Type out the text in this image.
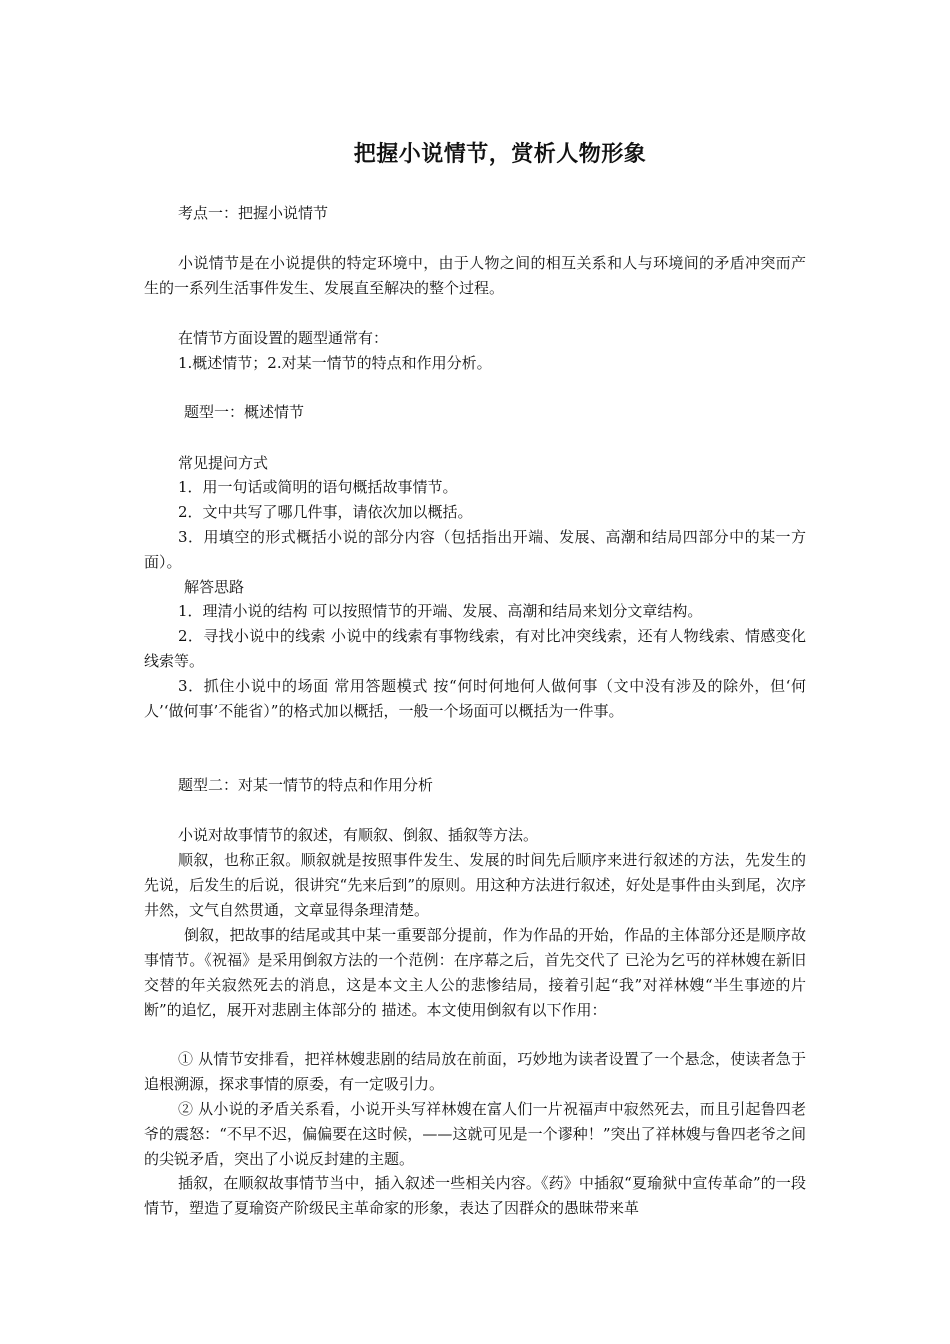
把握小说情节，赏析人物形象

考点一：把握小说情节

小说情节是在小说提供的特定环境中，由于人物之间的相互关系和人与环境间的矛盾冲突而产生的一系列生活事件发生、发展直至解决的整个过程。

在情节方面设置的题型通常有：

1.概述情节；2.对某一情节的特点和作用分析。

题型一：概述情节

常见提问方式

1．用一句话或简明的语句概括故事情节。

2．文中共写了哪几件事，请依次加以概括。

3．用填空的形式概括小说的部分内容（包括指出开端、发展、高潮和结局四部分中的某一方面）。

解答思路

1．理清小说的结构 可以按照情节的开端、发展、高潮和结局来划分文章结构。

2．寻找小说中的线索 小说中的线索有事物线索，有对比冲突线索，还有人物线索、情感变化线索等。

3．抓住小说中的场面 常用答题模式 按“何时何地何人做何事（文中没有涉及的除外，但‘何人’‘做何事’不能省）”的格式加以概括，一般一个场面可以概括为一件事。

题型二：对某一情节的特点和作用分析

小说对故事情节的叙述，有顺叙、倒叙、插叙等方法。

顺叙，也称正叙。顺叙就是按照事件发生、发展的时间先后顺序来进行叙述的方法，先发生的先说，后发生的后说，很讲究“先来后到”的原则。用这种方法进行叙述，好处是事件由头到尾，次序井然，文气自然贯通，文章显得条理清楚。

倒叙，把故事的结尾或其中某一重要部分提前，作为作品的开始，作品的主体部分还是顺序故事情节。《祝福》是采用倒叙方法的一个范例：在序幕之后，首先交代了 已沦为乞丐的祥林嫂在新旧交替的年关寂然死去的消息，这是本文主人公的悲惨结局，接着引起“我”对祥林嫂“半生事迹的片断”的追忆，展开对悲剧主体部分的 描述。本文使用倒叙有以下作用：

① 从情节安排看，把祥林嫂悲剧的结局放在前面，巧妙地为读者设置了一个悬念，使读者急于追根溯源，探求事情的原委，有一定吸引力。

② 从小说的矛盾关系看，小说开头写祥林嫂在富人们一片祝福声中寂然死去，而且引起鲁四老爷的震怒：“不早不迟，偏偏要在这时候，——这就可见是一个谬种！”突出了祥林嫂与鲁四老爷之间的尖锐矛盾，突出了小说反封建的主题。

插叙，在顺叙故事情节当中，插入叙述一些相关内容。《药》中插叙“夏瑜狱中宣传革命”的一段情节，塑造了夏瑜资产阶级民主革命家的形象，表达了因群众的愚昧带来革
